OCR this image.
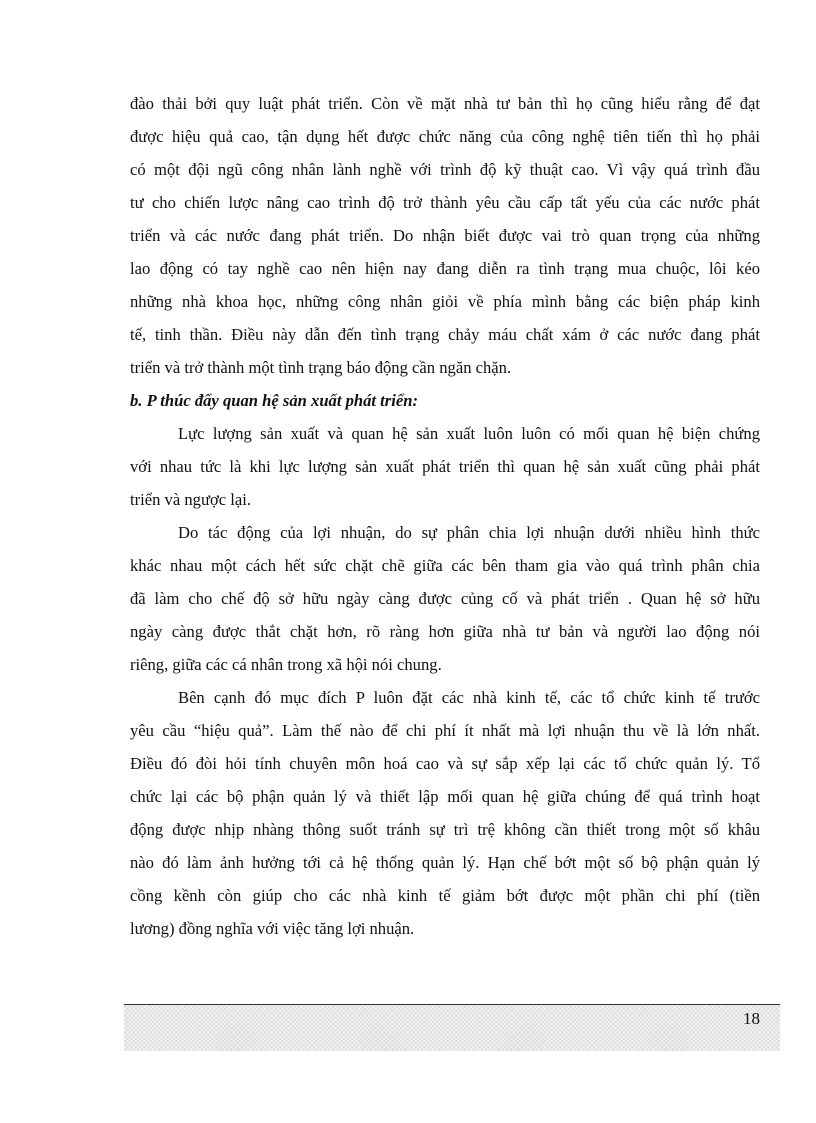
đào thải bởi quy luật phát triển. Còn về mặt nhà tư bản thì họ cũng hiểu rằng để đạt
được hiệu quả cao, tận dụng hết được chức năng của công nghệ tiên tiến thì họ phải
có một đội ngũ công nhân lành nghề với trình độ kỹ thuật cao. Vì vậy quá trình đầu
tư cho chiến lược nâng cao trình độ trở thành yêu cầu cấp tất yếu của các nước phát
triển và các nước đang phát triển. Do nhận biết được vai trò quan trọng của những
lao động có tay nghề cao nên hiện nay đang diễn ra tình trạng mua chuộc, lôi kéo
những nhà khoa học, những công nhân giỏi về phía mình bằng các biện pháp kinh
tế, tinh thần. Điều này dẫn đến tình trạng chảy máu chất xám ở các nước đang phát
triển và trở thành một tình trạng báo động cần ngăn chặn.
b. P thúc đẩy quan hệ sản xuất phát triển:
Lực lượng sản xuất và quan hệ sản xuất luôn luôn có mối quan hệ biện chứng
với nhau tức là khi lực lượng sản xuất phát triển thì quan hệ sản xuất cũng phải phát
triển và ngược lại.
Do tác động của lợi nhuận, do sự phân chia lợi nhuận dưới nhiều hình thức
khác nhau một cách hết sức chặt chẽ giữa các bên tham gia vào quá trình phân chia
đã làm cho chế độ sở hữu ngày càng được củng cố và phát triển . Quan hệ sở hữu
ngày càng được thắt chặt hơn, rõ ràng hơn giữa nhà tư bản và người lao động nói
riêng, giữa các cá nhân trong xã hội nói chung.
Bên cạnh đó mục đích P luôn đặt các nhà kinh tế, các tổ chức kinh tế trước
yêu cầu “hiệu quả”. Làm thế nào để chi phí ít nhất mà lợi nhuận thu về là lớn nhất.
Điều đó đòi hỏi tính chuyên môn hoá cao và sự sắp xếp lại các tổ chức quản lý. Tổ
chức lại các bộ phận quản lý và thiết lập mối quan hệ giữa chúng để quá trình hoạt
động được nhịp nhàng thông suốt tránh sự trì trệ không cần thiết trong một số khâu
nào đó làm ảnh hưởng tới cả hệ thống quản lý. Hạn chế bớt một số bộ phận quản lý
cồng kềnh còn giúp cho các nhà kinh tế giảm bớt được một phần chi phí (tiền
lương) đồng nghĩa với việc tăng lợi nhuận.
18
